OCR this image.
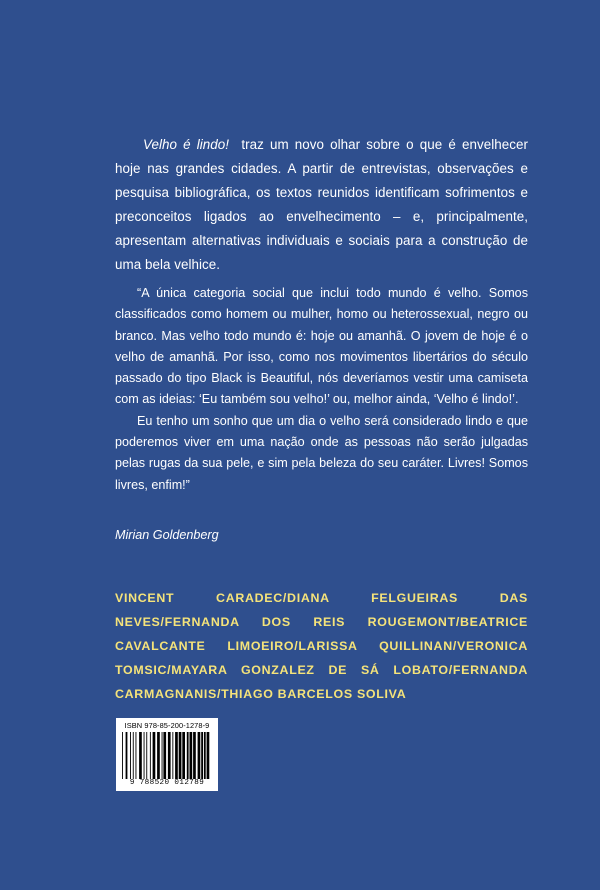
Velho é lindo! traz um novo olhar sobre o que é envelhecer hoje nas grandes cidades. A partir de entrevistas, observações e pesquisa bibliográfica, os textos reunidos identificam sofrimentos e preconceitos ligados ao envelhecimento – e, principalmente, apresentam alternativas individuais e sociais para a construção de uma bela velhice.

“A única categoria social que inclui todo mundo é velho. Somos classificados como homem ou mulher, homo ou heterossexual, negro ou branco. Mas velho todo mundo é: hoje ou amanhã. O jovem de hoje é o velho de amanhã. Por isso, como nos movimentos libertários do século passado do tipo Black is Beautiful, nós deveríamos vestir uma camiseta com as ideias: ‘Eu também sou velho!’ ou, melhor ainda, ‘Velho é lindo!’.

Eu tenho um sonho que um dia o velho será considerado lindo e que poderemos viver em uma nação onde as pessoas não serão julgadas pelas rugas da sua pele, e sim pela beleza do seu caráter. Livres! Somos livres, enfim!”

Mirian Goldenberg
VINCENT CARADEC/DIANA FELGUEIRAS DAS NEVES/FERNANDA DOS REIS ROUGEMONT/BEATRICE CAVALCANTE LIMOEIRO/LARISSA QUILLINAN/VERONICA TOMSIC/MAYARA GONZALEZ DE SÁ LOBATO/FERNANDA CARMAGNANIS/THIAGO BARCELOS SOLIVA
ISBN 978-85-200-1278-9
9 788520 012789
